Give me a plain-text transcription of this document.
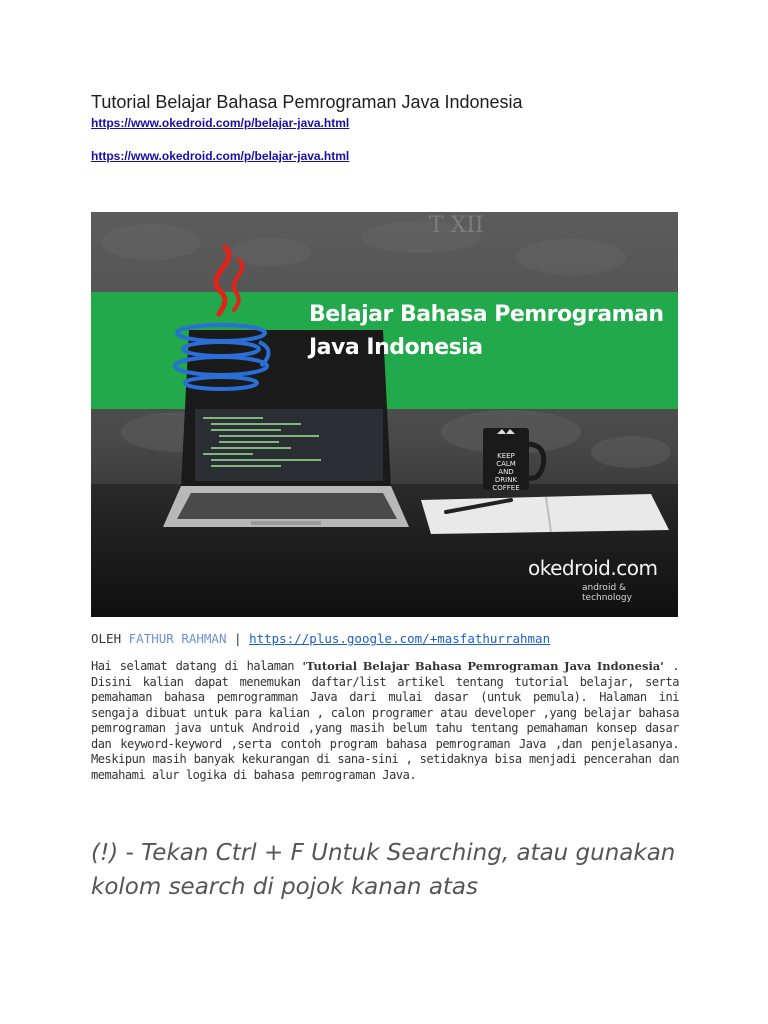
Tutorial Belajar Bahasa Pemrograman Java Indonesia
https://www.okedroid.com/p/belajar-java.html
https://www.okedroid.com/p/belajar-java.html
T XII
Belajar Bahasa Pemrograman Java Indonesia
KEEP
CALM
AND
DRINK
COFFEE
okedroid.com
android & technology
OLEH FATHUR RAHMAN | https://plus.google.com/+masfathurrahman
Hai selamat datang di halaman 'Tutorial Belajar Bahasa Pemrograman Java Indonesia' . Disini kalian dapat menemukan daftar/list artikel tentang tutorial belajar, serta pemahaman bahasa pemrogramman Java dari mulai dasar (untuk pemula). Halaman ini sengaja dibuat untuk para kalian , calon programer atau developer ,yang belajar bahasa pemrograman java untuk Android ,yang masih belum tahu tentang pemahaman konsep dasar dan keyword-keyword ,serta contoh program bahasa pemrograman Java ,dan penjelasanya. Meskipun masih banyak kekurangan di sana-sini , setidaknya bisa menjadi pencerahan dan memahami alur logika di bahasa pemrograman Java.
(!) - Tekan Ctrl + F Untuk Searching, atau gunakan kolom search di pojok kanan atas
